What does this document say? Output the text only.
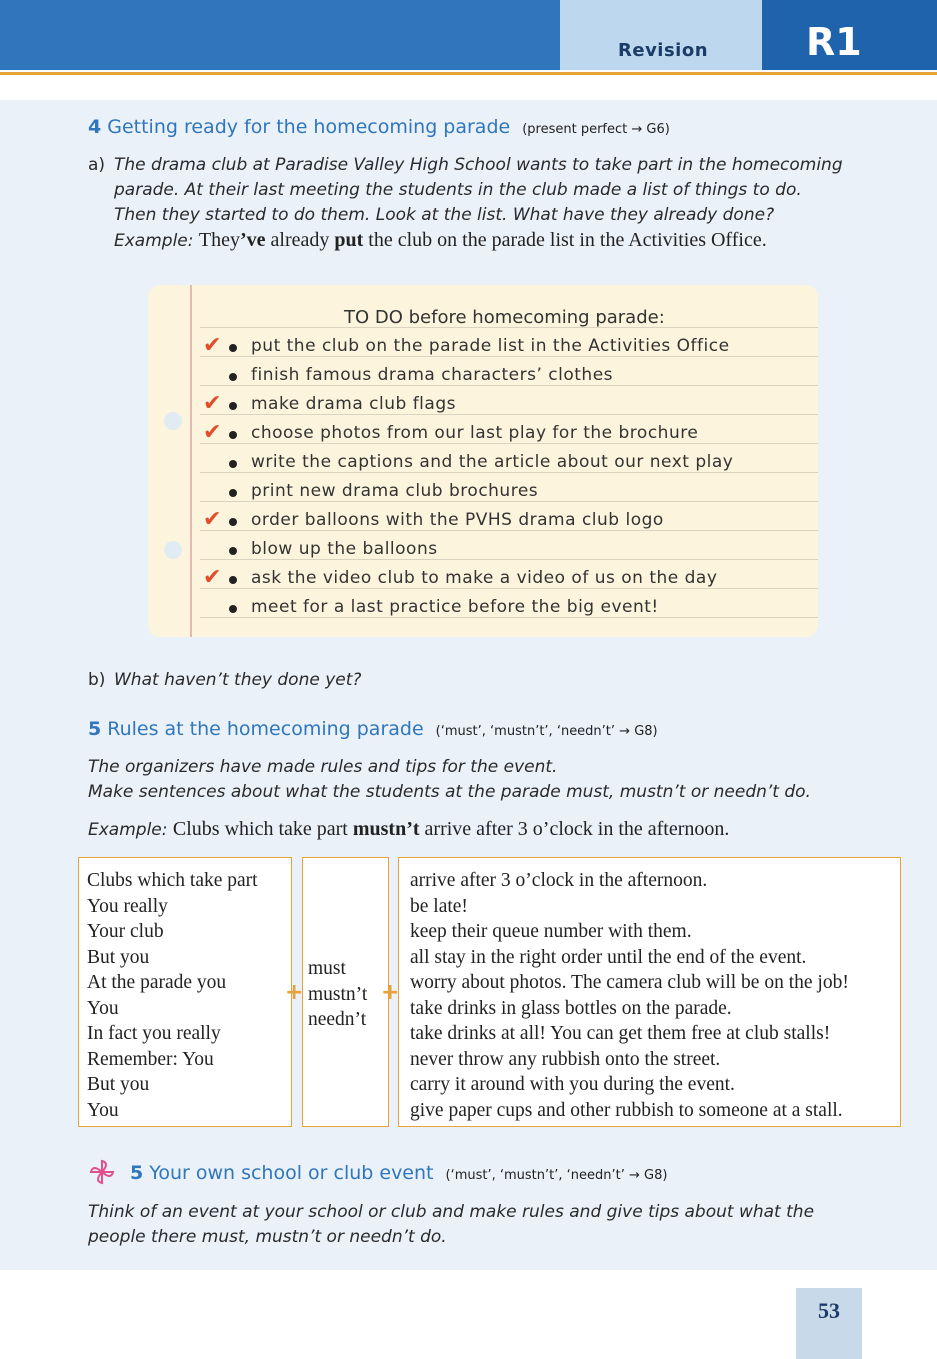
Revision	R1
4 Getting ready for the homecoming parade (present perfect → G6)
a) The drama club at Paradise Valley High School wants to take part in the homecoming
parade. At their last meeting the students in the club made a list of things to do.
Then they started to do them. Look at the list. What have they already done?
Example: They’ve already put the club on the parade list in the Activities Office.
TO DO before homecoming parade:
✔ put the club on the parade list in the Activities Office
finish famous drama characters’ clothes
✔ make drama club flags
✔ choose photos from our last play for the brochure
write the captions and the article about our next play
print new drama club brochures
✔ order balloons with the PVHS drama club logo
blow up the balloons
✔ ask the video club to make a video of us on the day
meet for a last practice before the big event!
b) What haven’t they done yet?
5 Rules at the homecoming parade (‘must’, ‘mustn’t’, ‘needn’t’ → G8)
The organizers have made rules and tips for the event.
Make sentences about what the students at the parade must, mustn’t or needn’t do.
Example: Clubs which take part mustn’t arrive after 3 o’clock in the afternoon.
Clubs which take part
You really
Your club
But you
At the parade you
You
In fact you really
Remember: You
But you
You
must
mustn’t
needn’t
arrive after 3 o’clock in the afternoon.
be late!
keep their queue number with them.
all stay in the right order until the end of the event.
worry about photos. The camera club will be on the job!
take drinks in glass bottles on the parade.
take drinks at all! You can get them free at club stalls!
never throw any rubbish onto the street.
carry it around with you during the event.
give paper cups and other rubbish to someone at a stall.
+	+
5 Your own school or club event (‘must’, ‘mustn’t’, ‘needn’t’ → G8)
Think of an event at your school or club and make rules and give tips about what the
people there must, mustn’t or needn’t do.
53
